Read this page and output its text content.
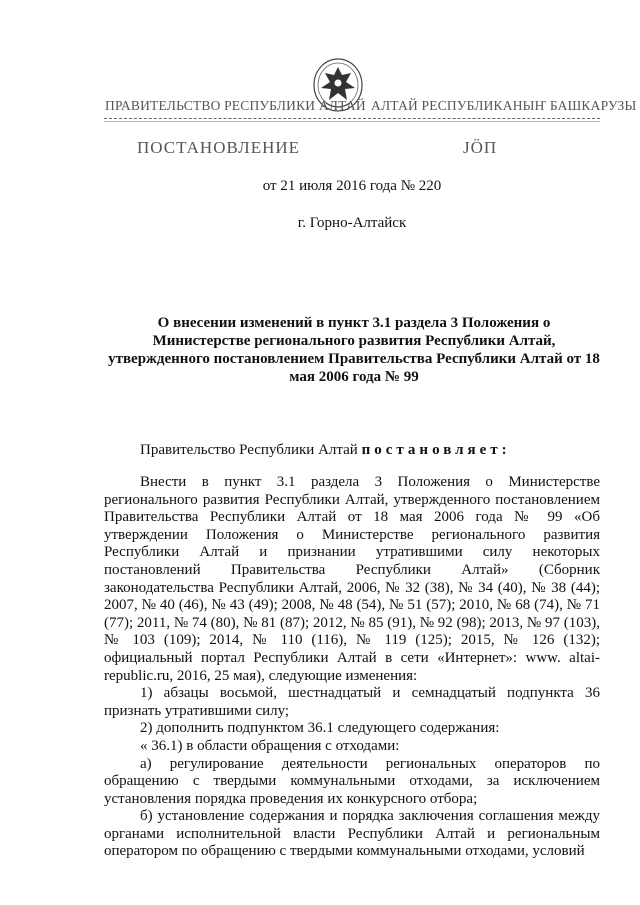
ПРАВИТЕЛЬСТВО РЕСПУБЛИКИ АЛТАЙ АЛТАЙ РЕСПУБЛИКАНЫҤ БАШКАРУЗЫ
ПОСТАНОВЛЕНИЕ	ЈӦП
от 21 июля 2016 года № 220
г. Горно-Алтайск
О внесении изменений в пункт 3.1 раздела 3 Положения о Министерстве регионального развития Республики Алтай, утвержденного постановлением Правительства Республики Алтай от 18 мая 2006 года № 99
Правительство Республики Алтай постановляет:

Внести в пункт 3.1 раздела 3 Положения о Министерстве регионального развития Республики Алтай, утвержденного постановлением Правительства Республики Алтай от 18 мая 2006 года № 99 «Об утверждении Положения о Министерстве регионального развития Республики Алтай и признании утратившими силу некоторых постановлений Правительства Республики Алтай» (Сборник законодательства Республики Алтай, 2006, № 32 (38), № 34 (40), № 38 (44); 2007, № 40 (46), № 43 (49); 2008, № 48 (54), № 51 (57); 2010, № 68 (74), № 71 (77); 2011, № 74 (80), № 81 (87); 2012, № 85 (91), № 92 (98); 2013, № 97 (103), № 103 (109); 2014, № 110 (116), № 119 (125); 2015, № 126 (132); официальный портал Республики Алтай в сети «Интернет»: www. altai-republic.ru, 2016, 25 мая), следующие изменения:

1) абзацы восьмой, шестнадцатый и семнадцатый подпункта 36 признать утратившими силу;

2) дополнить подпунктом 36.1 следующего содержания:

« 36.1) в области обращения с отходами:

а) регулирование деятельности региональных операторов по обращению с твердыми коммунальными отходами, за исключением установления порядка проведения их конкурсного отбора;

б) установление содержания и порядка заключения соглашения между органами исполнительной власти Республики Алтай и региональным оператором по обращению с твердыми коммунальными отходами, условий
